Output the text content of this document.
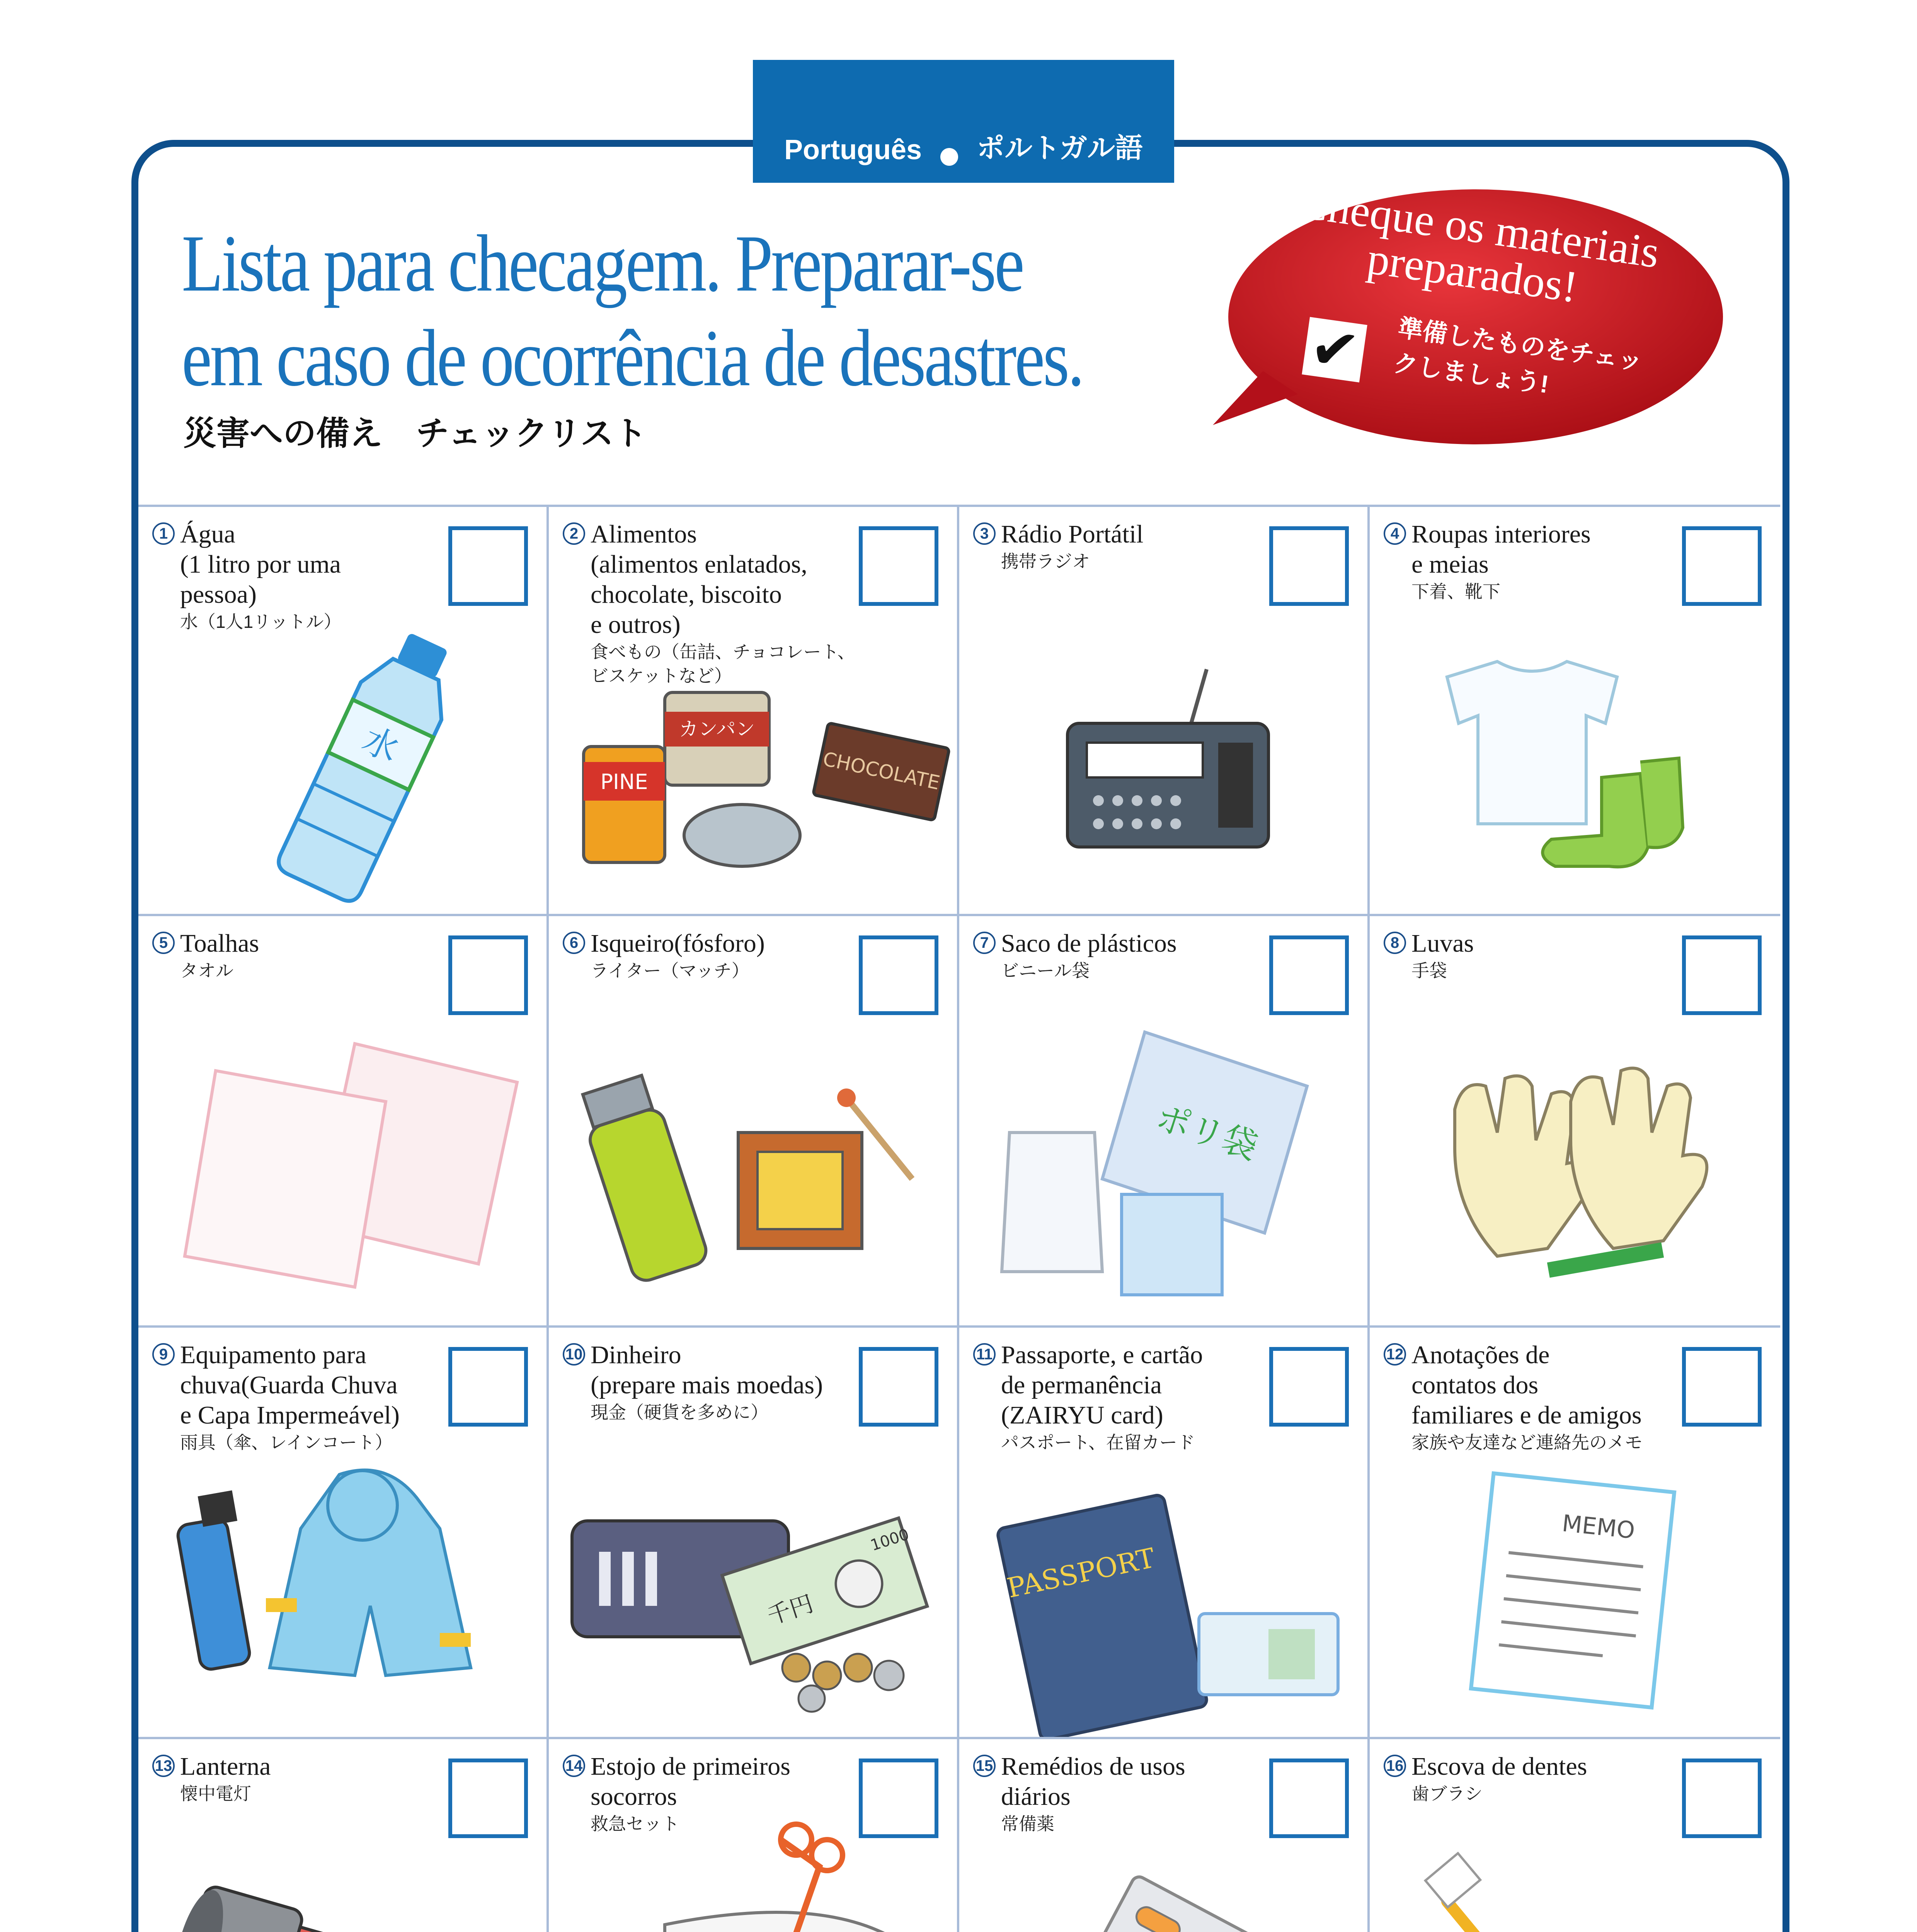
Português ポルトガル語
Lista para checagem. Preparar-se
em caso de ocorrência de desastres.
災害への備え　チェックリスト
Cheque os materiais preparados!
✔ 準備したものをチェックしましょう!
1 Água
(1 litro por uma
pessoa)
水（1人1リットル）
水
2 Alimentos
(alimentos enlatados,
chocolate, biscoito
e outros)
食べもの（缶詰、チョコレート、ビスケットなど）
カンパン
PINE	CHOCOLATE
3 Rádio Portátil
携帯ラジオ
4 Roupas interiores
e meias
下着、靴下
5 Toalhas
タオル
6 Isqueiro(fósforo)
ライター（マッチ）
7 Saco de plásticos
ビニール袋
ポリ袋
8 Luvas
手袋
9 Equipamento para
chuva(Guarda Chuva
e Capa Impermeável)
雨具（傘、レインコート）
10 Dinheiro
(prepare mais moedas)
現金（硬貨を多めに）
千円
1000
11 Passaporte, e cartão
de permanência
(ZAIRYU card)
パスポート、在留カード
PASSPORT
12 Anotações de
contatos dos
familiares e de amigos
家族や友達など連絡先のメモ
MEMO
13 Lanterna
懐中電灯
14 Estojo de primeiros
socorros
救急セット
15 Remédios de usos
diários
常備薬
16 Escova de dentes
歯ブラシ
